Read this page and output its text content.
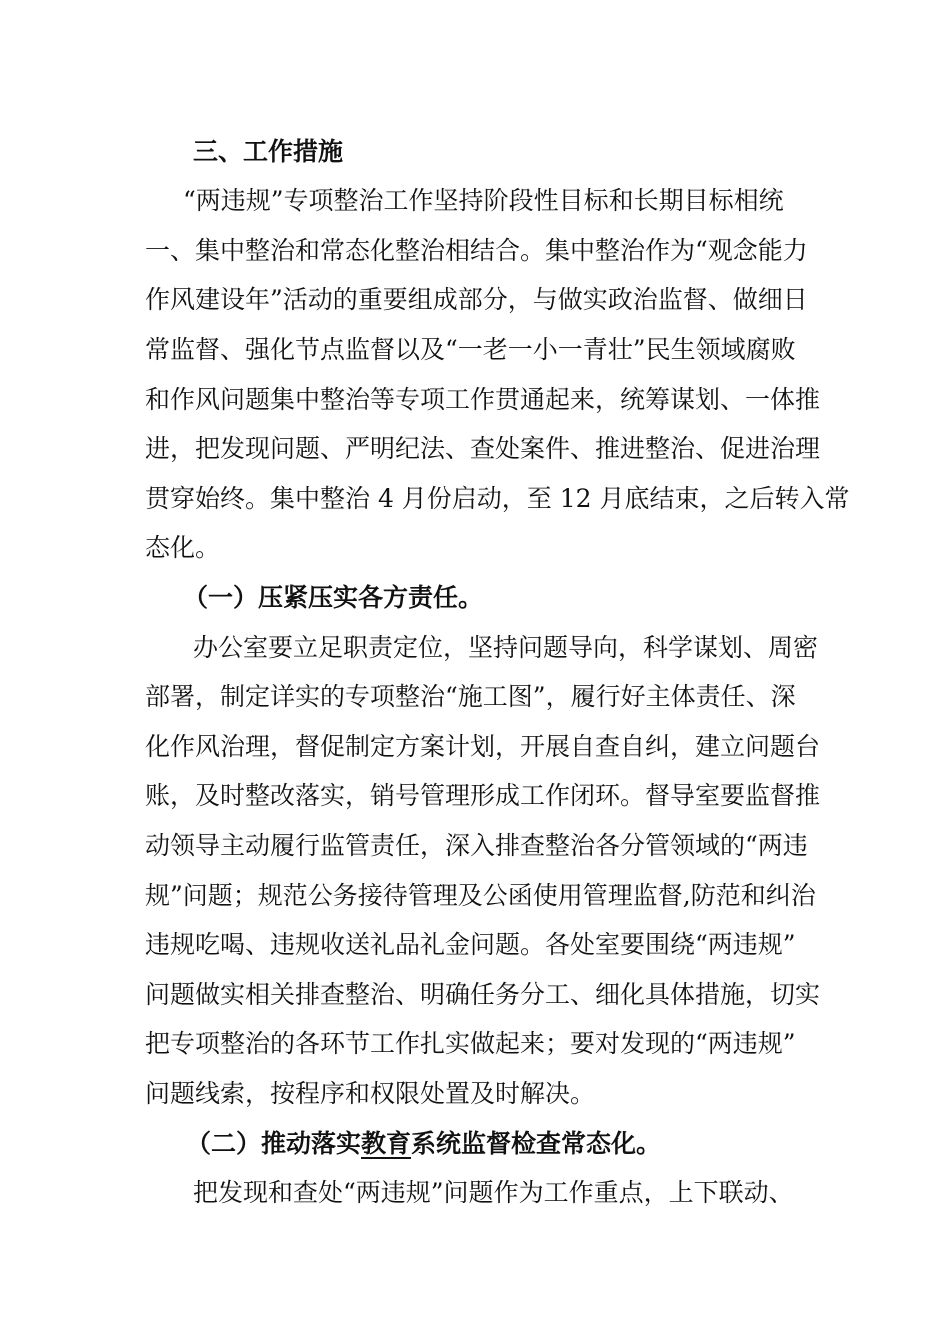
三、工作措施
“两违规”专项整治工作坚持阶段性目标和长期目标相统
一、集中整治和常态化整治相结合。集中整治作为“观念能力
作风建设年”活动的重要组成部分，与做实政治监督、做细日
常监督、强化节点监督以及“一老一小一青壮”民生领域腐败
和作风问题集中整治等专项工作贯通起来，统筹谋划、一体推
进，把发现问题、严明纪法、查处案件、推进整治、促进治理
贯穿始终。集中整治 4 月份启动，至 12 月底结束，之后转入常
态化。
（一）压紧压实各方责任。
办公室要立足职责定位，坚持问题导向，科学谋划、周密
部署，制定详实的专项整治“施工图”，履行好主体责任、深
化作风治理，督促制定方案计划，开展自查自纠，建立问题台
账，及时整改落实，销号管理形成工作闭环。督导室要监督推
动领导主动履行监管责任，深入排查整治各分管领域的“两违
规”问题；规范公务接待管理及公函使用管理监督,防范和纠治
违规吃喝、违规收送礼品礼金问题。各处室要围绕“两违规”
问题做实相关排查整治、明确任务分工、细化具体措施，切实
把专项整治的各环节工作扎实做起来；要对发现的“两违规”
问题线索，按程序和权限处置及时解决。
（二）推动落实教育系统监督检查常态化。
把发现和查处“两违规”问题作为工作重点，上下联动、
